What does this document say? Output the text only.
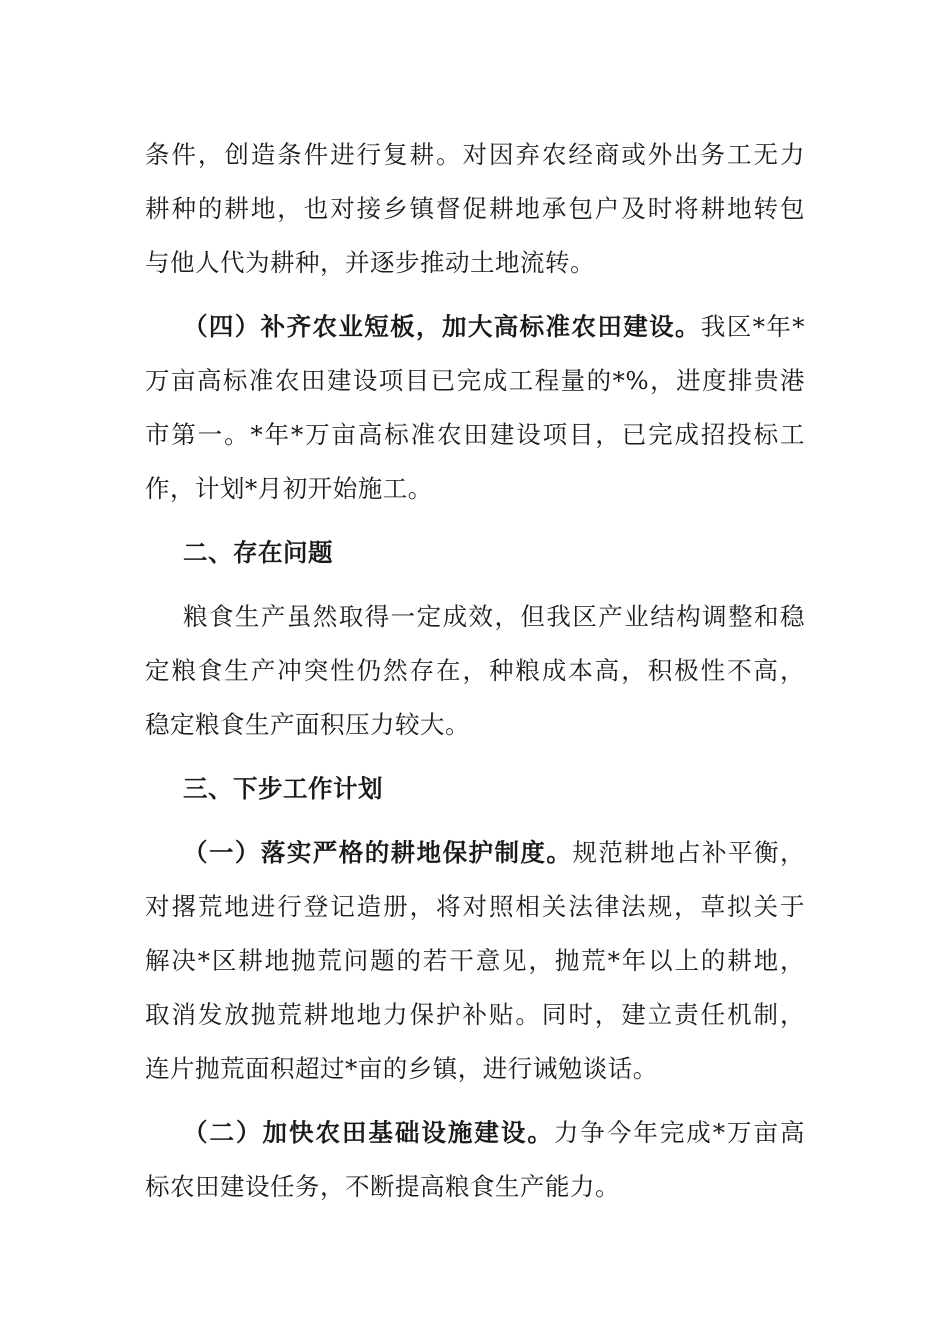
条件，创造条件进行复耕。对因弃农经商或外出务工无力
耕种的耕地，也对接乡镇督促耕地承包户及时将耕地转包
与他人代为耕种，并逐步推动土地流转。
（四）补齐农业短板，加大高标准农田建设。我区*年*
万亩高标准农田建设项目已完成工程量的*%，进度排贵港
市第一。*年*万亩高标准农田建设项目，已完成招投标工
作，计划*月初开始施工。
二、存在问题
粮食生产虽然取得一定成效，但我区产业结构调整和稳
定粮食生产冲突性仍然存在，种粮成本高，积极性不高，
稳定粮食生产面积压力较大。
三、下步工作计划
（一）落实严格的耕地保护制度。规范耕地占补平衡，
对撂荒地进行登记造册，将对照相关法律法规，草拟关于
解决*区耕地抛荒问题的若干意见，抛荒*年以上的耕地，
取消发放抛荒耕地地力保护补贴。同时，建立责任机制，
连片抛荒面积超过*亩的乡镇，进行诫勉谈话。
（二）加快农田基础设施建设。力争今年完成*万亩高
标农田建设任务，不断提高粮食生产能力。
